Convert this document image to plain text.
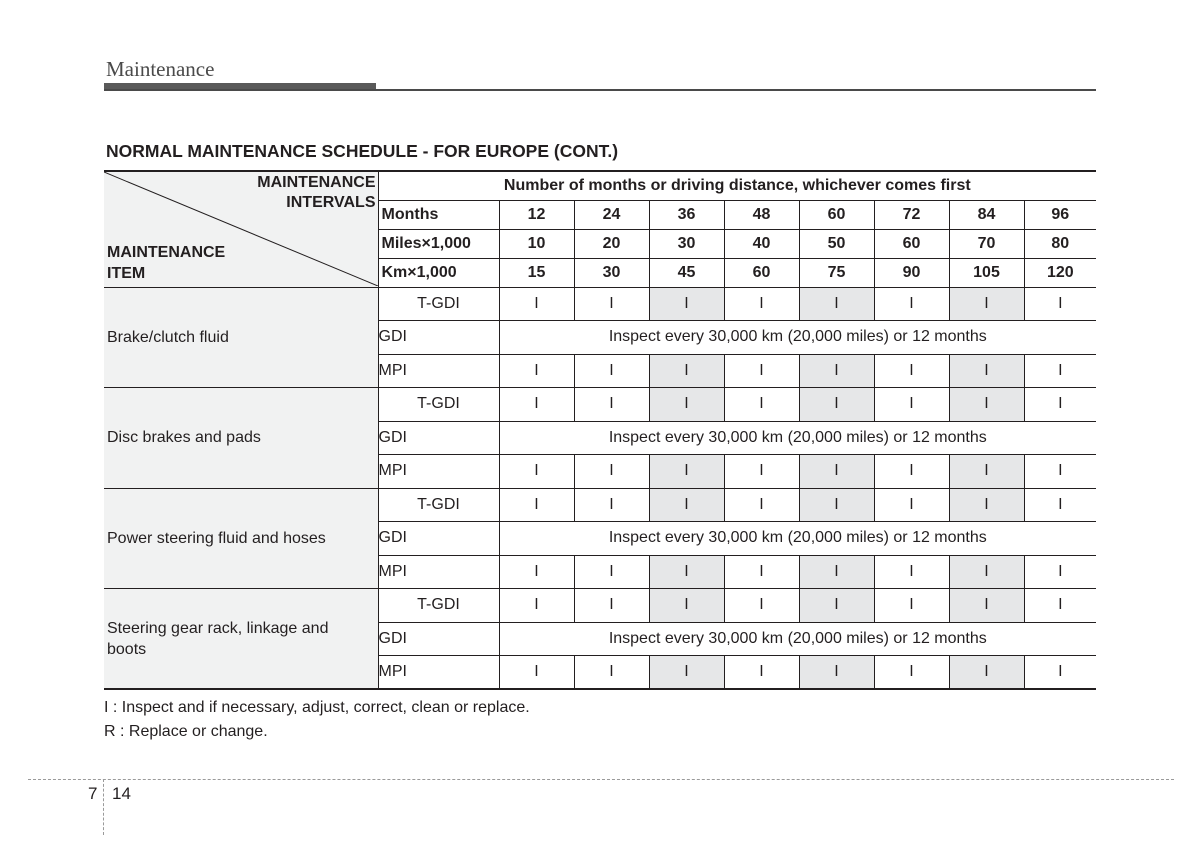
Maintenance
NORMAL MAINTENANCE SCHEDULE - FOR EUROPE (CONT.)
MAINTENANCE
INTERVALS
MAINTENANCE
ITEM	Number of months or driving distance, whichever comes first								
	Months	12	24	36	48	60	72	84	96
	Miles×1,000	10	20	30	40	50	60	70	80
	Km×1,000	15	30	45	60	75	90	105	120
Brake/clutch fluid	T-GDI	I	I	I	I	I	I	I	I
	GDI	Inspect every 30,000 km (20,000 miles) or 12 months							
	MPI	I	I	I	I	I	I	I	I
Disc brakes and pads	T-GDI	I	I	I	I	I	I	I	I
	GDI	Inspect every 30,000 km (20,000 miles) or 12 months							
	MPI	I	I	I	I	I	I	I	I
Power steering fluid and hoses	T-GDI	I	I	I	I	I	I	I	I
	GDI	Inspect every 30,000 km (20,000 miles) or 12 months							
	MPI	I	I	I	I	I	I	I	I

Steering gear rack, linkage and
boots	T-GDI	I	I	I	I	I	I	I	I
	GDI	Inspect every 30,000 km (20,000 miles) or 12 months							
	MPI	I	I	I	I	I	I	I	I
I : Inspect and if necessary, adjust, correct, clean or replace.
R : Replace or change.
7 14
